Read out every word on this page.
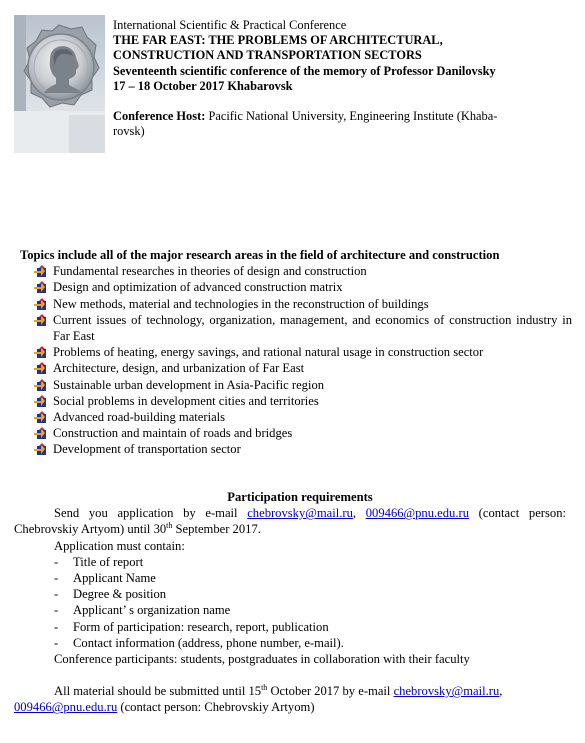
International Scientific & Practical Conference
THE FAR EAST: THE PROBLEMS OF ARCHITECTURAL,
CONSTRUCTION AND TRANSPORTATION SECTORS
Seventeenth scientific conference of the memory of Professor Danilovsky
17 – 18 October 2017 Khabarovsk
Conference Host: Pacific National University, Engineering Institute (Khaba-
rovsk)
Topics include all of the major research areas in the field of architecture and construction
Fundamental researches in theories of design and construction
Design and optimization of advanced construction matrix
New methods, material and technologies in the reconstruction of buildings
Current issues of technology, organization, management, and economics of construction industry in Far East
Problems of heating, energy savings, and rational natural usage in construction sector
Architecture, design, and urbanization of Far East
Sustainable urban development in Asia-Pacific region
Social problems in development cities and territories
Advanced road-building materials
Construction and maintain of roads and bridges
Development of transportation sector
Participation requirements
Send you application by e-mail chebrovsky@mail.ru, 009466@pnu.edu.ru (contact person: Chebrovskiy Artyom) until 30th September 2017.
Application must contain:
- Title of report
- Applicant Name
- Degree & position
- Applicant’ s organization name
- Form of participation: research, report, publication
- Contact information (address, phone number, e-mail).
Conference participants: students, postgraduates in collaboration with their faculty
All material should be submitted until 15th October 2017 by e-mail chebrovsky@mail.ru,
009466@pnu.edu.ru (contact person: Chebrovskiy Artyom)
